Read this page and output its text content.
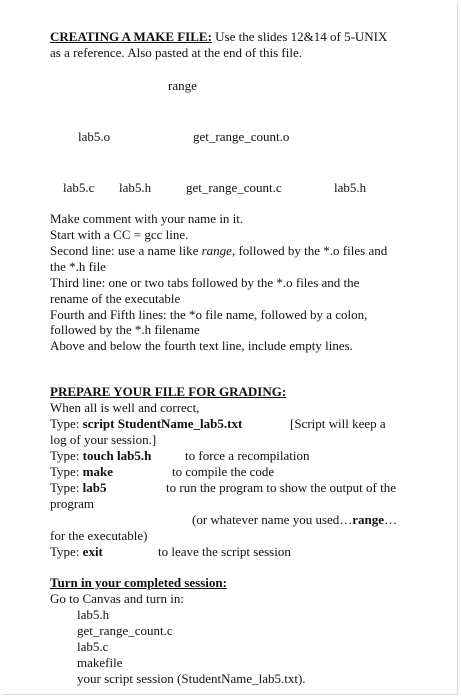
CREATING A MAKE FILE: Use the slides 12&14 of 5-UNIX
as a reference. Also pasted at the end of this file.
range
lab5.o	get_range_count.o
lab5.c lab5.h	get_range_count.c	lab5.h
Make comment with your name in it.
Start with a CC = gcc line.
Second line: use a name like range, followed by the *.o files and
the *.h file
Third line: one or two tabs followed by the *.o files and the
rename of the executable
Fourth and Fifth lines: the *o file name, followed by a colon,
followed by the *.h filename
Above and below the fourth text line, include empty lines.
PREPARE YOUR FILE FOR GRADING:
When all is well and correct,
Type: script StudentName_lab5.txt	[Script will keep a
log of your session.]
Type: touch lab5.h	to force a recompilation
Type: make	to compile the code
Type: lab5	to run the program to show the output of the
program
(or whatever name you used…range…
for the executable)
Type: exit	to leave the script session
Turn in your completed session:
Go to Canvas and turn in:
lab5.h
get_range_count.c
lab5.c
makefile
your script session (StudentName_lab5.txt).
